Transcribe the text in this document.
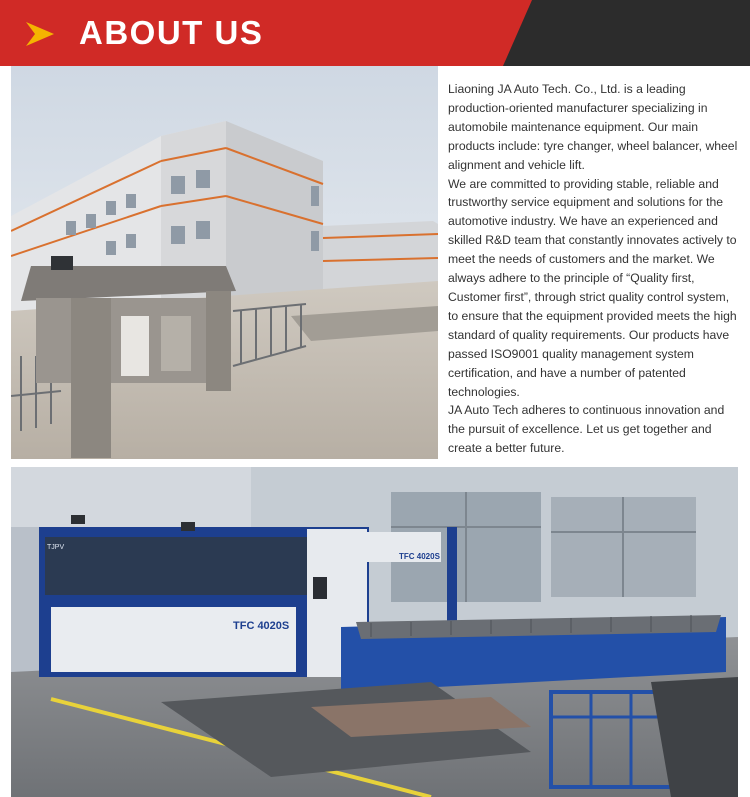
ABOUT US

Liaoning JA Auto Tech. Co., Ltd. is a leading production-oriented manufacturer specializing in automobile maintenance equipment. Our main products include: tyre changer, wheel balancer, wheel alignment and vehicle lift.

We are committed to providing stable, reliable and trustworthy service equipment and solutions for the automotive industry. We have an experienced and skilled R&D team that constantly innovates actively to meet the needs of customers and the market. We always adhere to the principle of “Quality first, Customer first”, through strict quality control system, to ensure that the equipment provided meets the high standard of quality requirements. Our products have passed ISO9001 quality management system certification, and have a number of patented technologies.

JA Auto Tech adheres to continuous innovation and the pursuit of excellence. Let us get together and create a better future.

TJPV
TFC 4020S
TFC 4020S
